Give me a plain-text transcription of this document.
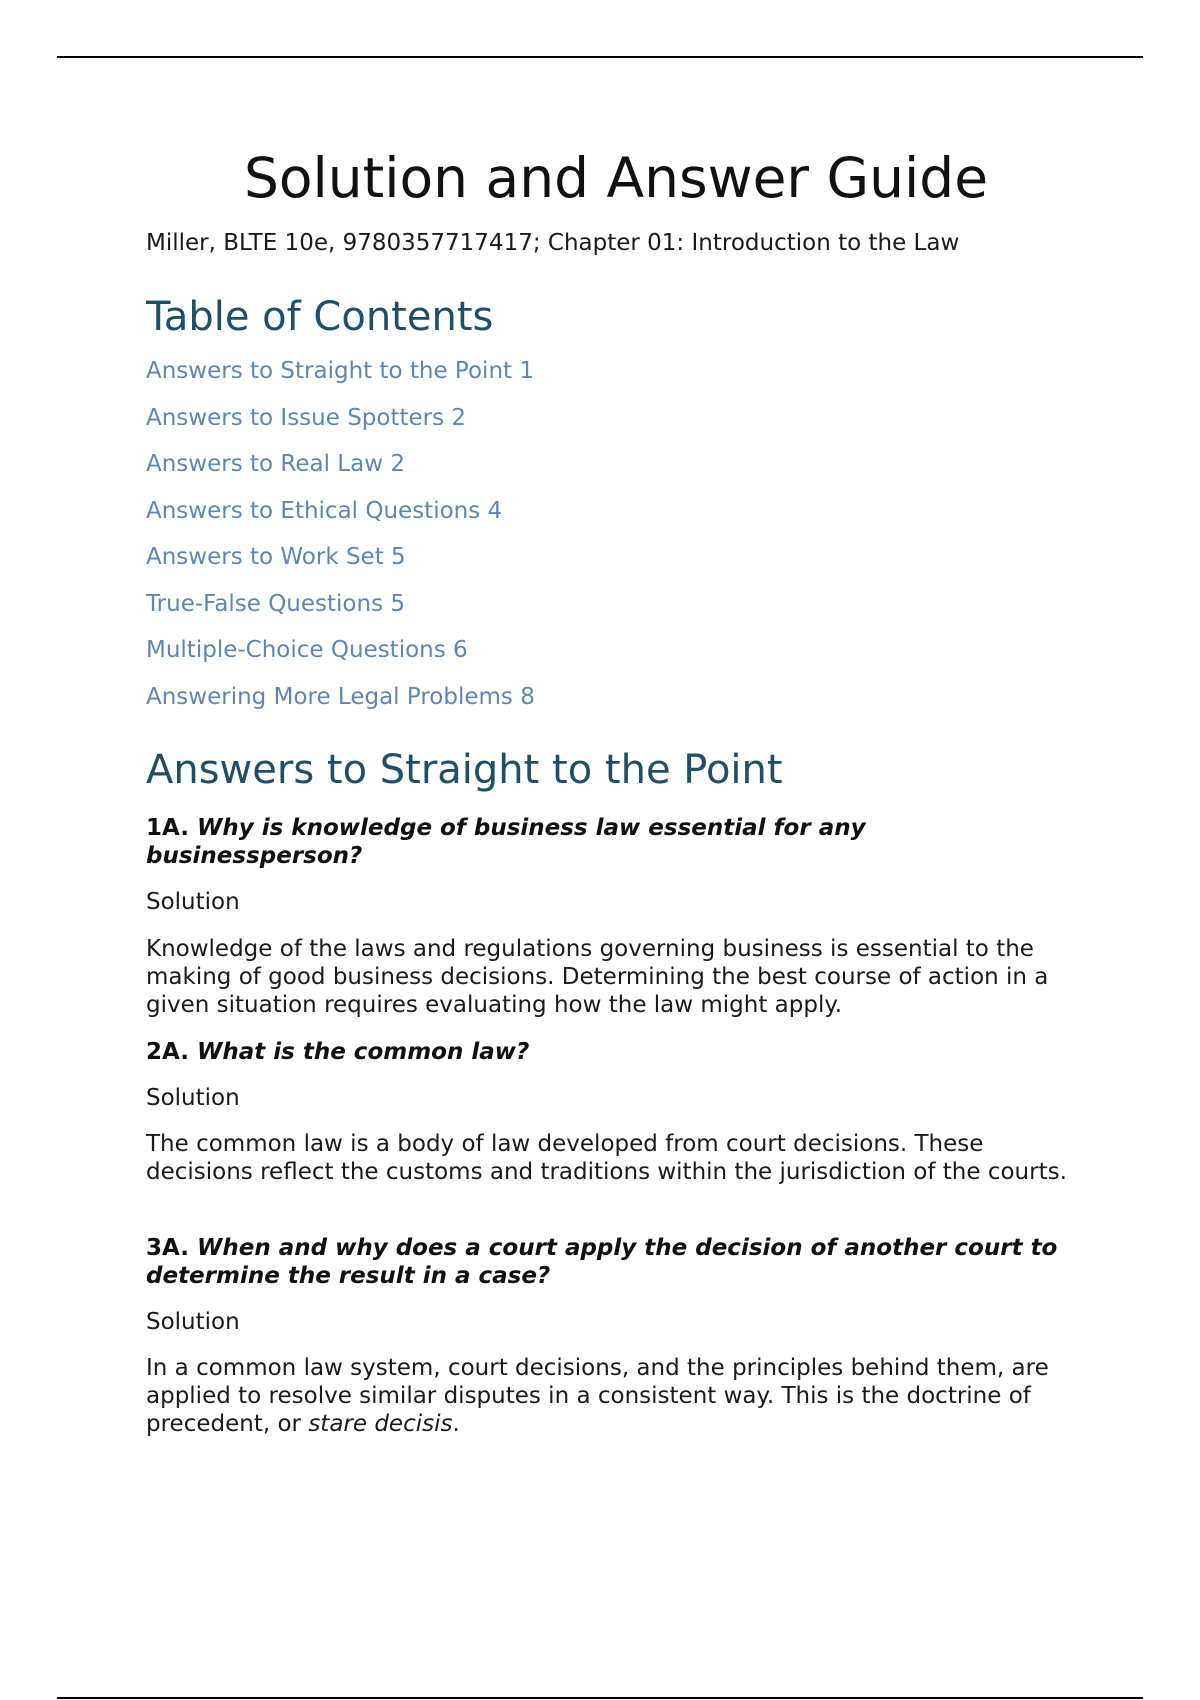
Solution and Answer Guide
Miller, BLTE 10e, 9780357717417; Chapter 01: Introduction to the Law
Table of Contents
Answers to Straight to the Point 1
Answers to Issue Spotters 2
Answers to Real Law 2
Answers to Ethical Questions 4
Answers to Work Set 5
True-False Questions 5
Multiple-Choice Questions 6
Answering More Legal Problems 8
Answers to Straight to the Point
1A. Why is knowledge of business law essential for any businessperson?
Solution
Knowledge of the laws and regulations governing business is essential to the making of good business decisions. Determining the best course of action in a given situation requires evaluating how the law might apply.
2A. What is the common law?
Solution
The common law is a body of law developed from court decisions. These decisions reflect the customs and traditions within the jurisdiction of the courts.
3A. When and why does a court apply the decision of another court to determine the result in a case?
Solution
In a common law system, court decisions, and the principles behind them, are applied to resolve similar disputes in a consistent way. This is the doctrine of precedent, or stare decisis.
